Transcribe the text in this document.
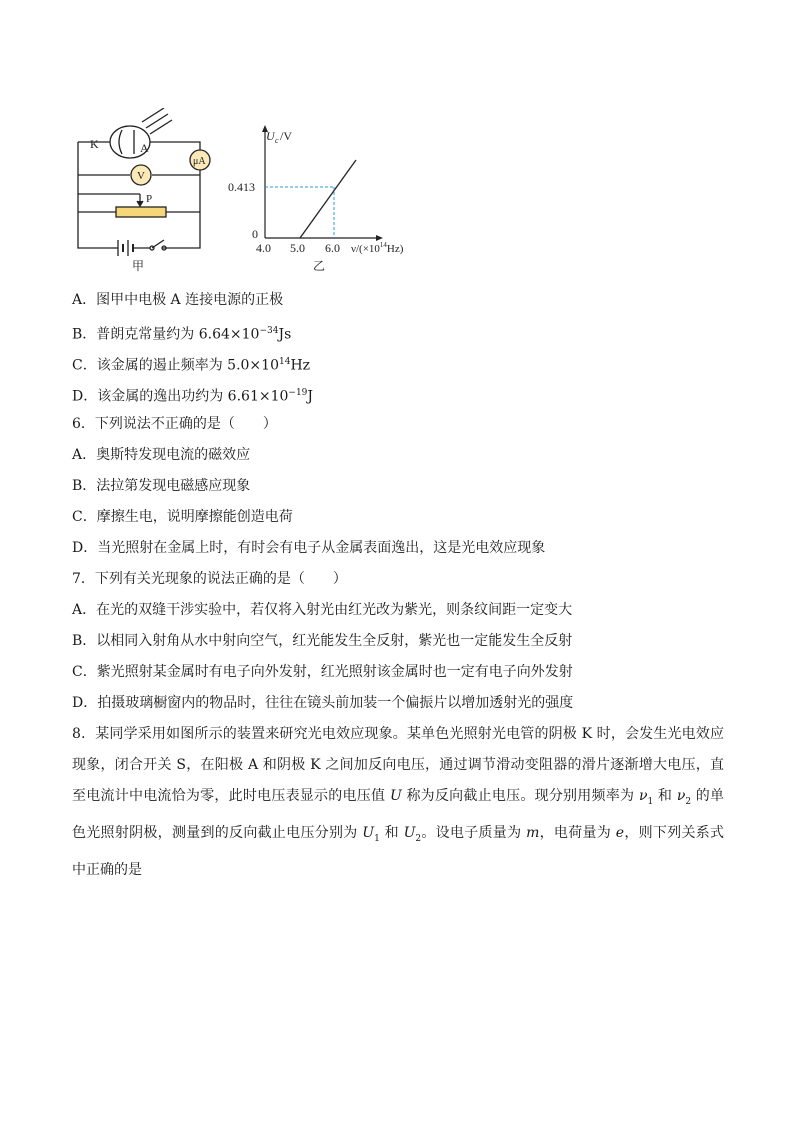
K	A
μA
V
P
甲
U c /V
0.413
0
4.0 5.0 6.0 $\nu/(\times 10^{14}Hz)$
乙
A．图甲中电极 A 连接电源的正极
B．普朗克常量约为 $6.64\times 10^{-34}Js$
C．该金属的遏止频率为 $5.0\times 10^{14}Hz$
D．该金属的逸出功约为 $6.61\times 10^{-19}J$
6．下列说法不正确的是（　　）
A．奥斯特发现电流的磁效应
B．法拉第发现电磁感应现象
C．摩擦生电，说明摩擦能创造电荷
D．当光照射在金属上时，有时会有电子从金属表面逸出，这是光电效应现象
7．下列有关光现象的说法正确的是（　　）
A．在光的双缝干涉实验中，若仅将入射光由红光改为紫光，则条纹间距一定变大
B．以相同入射角从水中射向空气，红光能发生全反射，紫光也一定能发生全反射
C．紫光照射某金属时有电子向外发射，红光照射该金属时也一定有电子向外发射
D．拍摄玻璃橱窗内的物品时，往往在镜头前加装一个偏振片以增加透射光的强度
8．某同学采用如图所示的装置来研究光电效应现象。某单色光照射光电管的阴极 K 时，会发生光电效应现象，闭合开关 S，在阳极 A 和阴极 K 之间加反向电压，通过调节滑动变阻器的滑片逐渐增大电压，直至电流计中电流恰为零，此时电压表显示的电压值 U 称为反向截止电压。现分别用频率为 $\nu_1$ 和 $\nu_2$ 的单色光照射阴极，测量到的反向截止电压分别为 $U_1$ 和 $U_2$。设电子质量为 m，电荷量为 e，则下列关系式中正确的是
